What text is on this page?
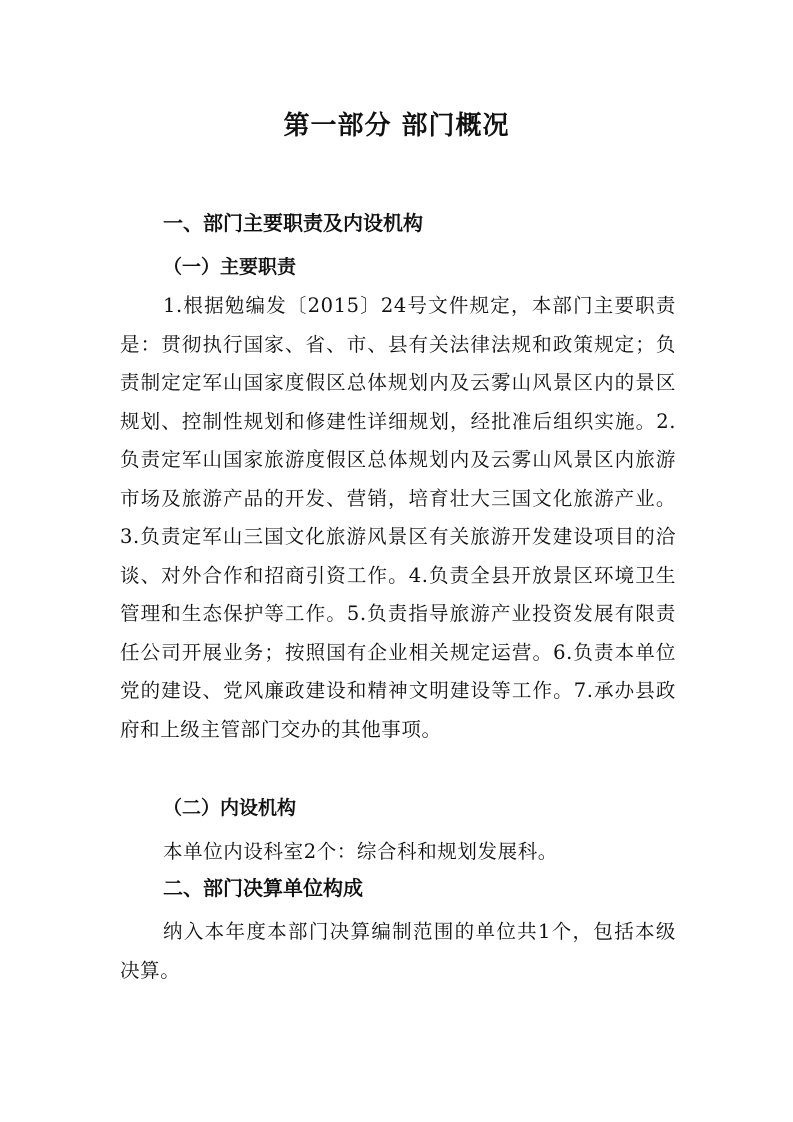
第一部分 部门概况
一、部门主要职责及内设机构
（一）主要职责

1.根据勉编发〔2015〕24号文件规定，本部门主要职责是：贯彻执行国家、省、市、县有关法律法规和政策规定；负责制定定军山国家度假区总体规划内及云雾山风景区内的景区规划、控制性规划和修建性详细规划，经批准后组织实施。2.负责定军山国家旅游度假区总体规划内及云雾山风景区内旅游市场及旅游产品的开发、营销，培育壮大三国文化旅游产业。3.负责定军山三国文化旅游风景区有关旅游开发建设项目的洽谈、对外合作和招商引资工作。4.负责全县开放景区环境卫生管理和生态保护等工作。5.负责指导旅游产业投资发展有限责任公司开展业务；按照国有企业相关规定运营。6.负责本单位党的建设、党风廉政建设和精神文明建设等工作。7.承办县政府和上级主管部门交办的其他事项。

（二）内设机构

本单位内设科室2个：综合科和规划发展科。

二、部门决算单位构成

纳入本年度本部门决算编制范围的单位共1个，包括本级决算。
